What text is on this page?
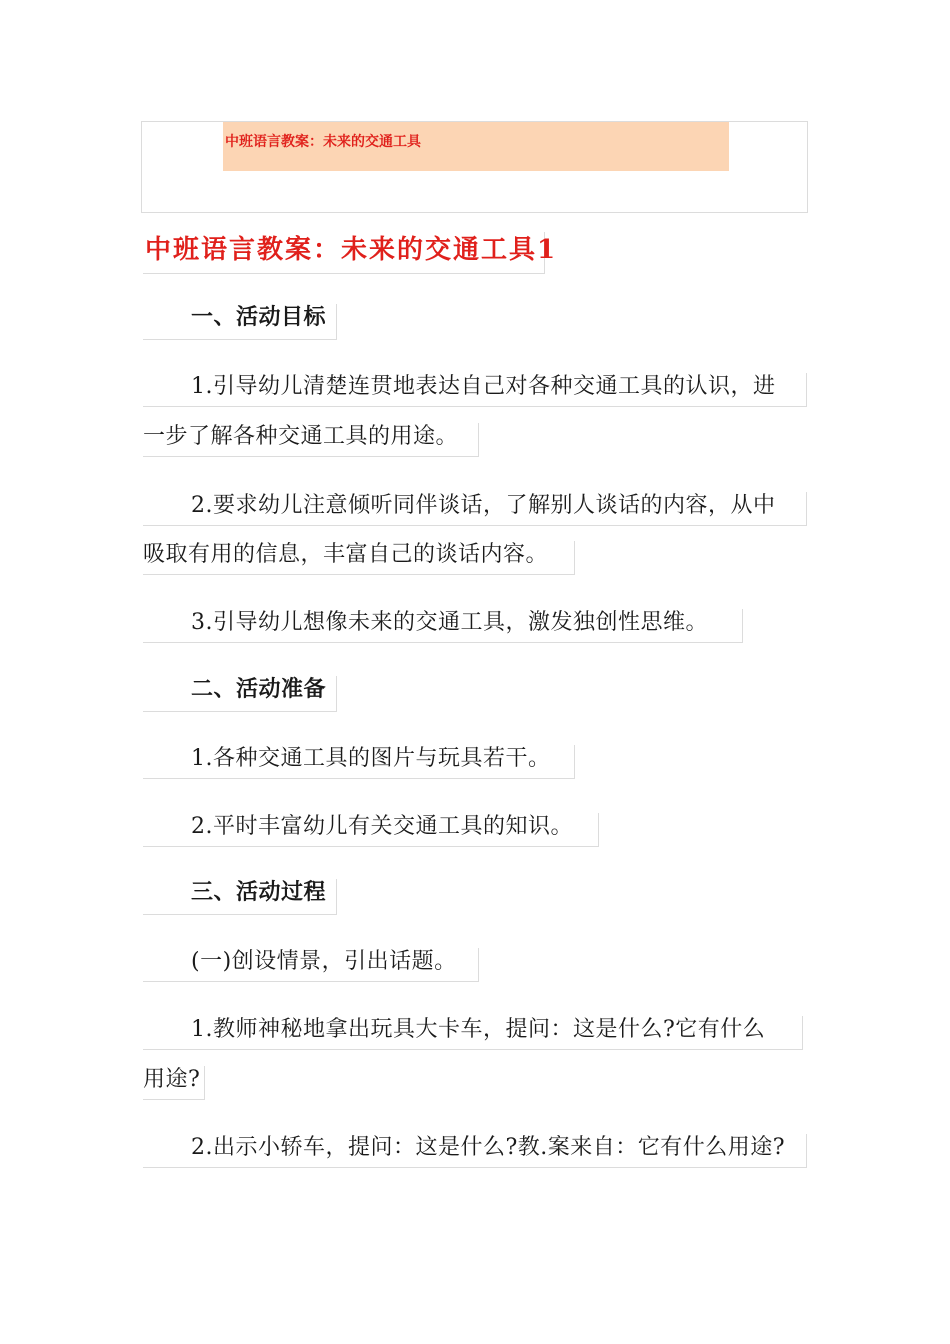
中班语言教案：未来的交通工具
中班语言教案：未来的交通工具1
一、活动目标
1.引导幼儿清楚连贯地表达自己对各种交通工具的认识，进
一步了解各种交通工具的用途。
2.要求幼儿注意倾听同伴谈话，了解别人谈话的内容，从中
吸取有用的信息，丰富自己的谈话内容。
3.引导幼儿想像未来的交通工具，激发独创性思维。
二、活动准备
1.各种交通工具的图片与玩具若干。
2.平时丰富幼儿有关交通工具的知识。
三、活动过程
(一)创设情景，引出话题。
1.教师神秘地拿出玩具大卡车，提问：这是什么?它有什么
用途?
2.出示小轿车，提问：这是什么?教.案来自：它有什么用途?
